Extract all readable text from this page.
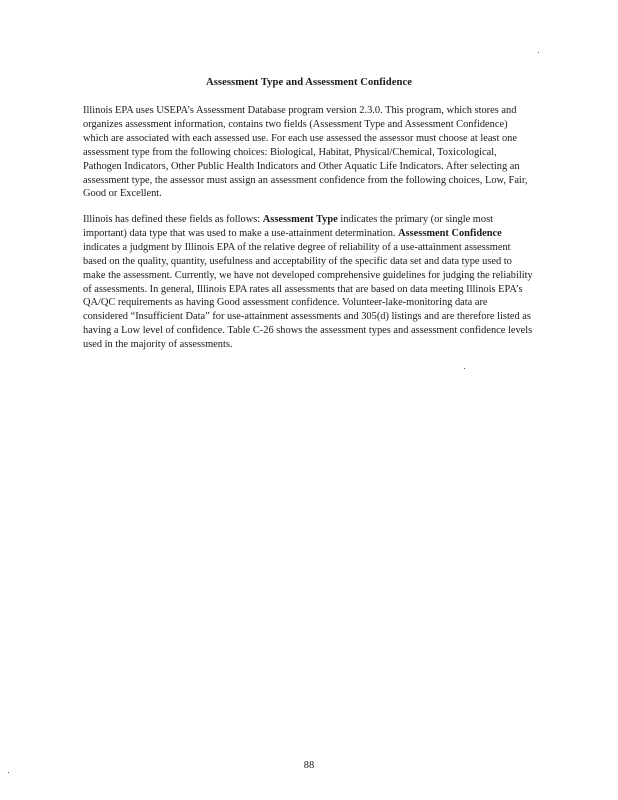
Assessment Type and Assessment Confidence

Illinois EPA uses USEPA’s Assessment Database program version 2.3.0. This program, which stores and organizes assessment information, contains two fields (Assessment Type and Assessment Confidence) which are associated with each assessed use. For each use assessed the assessor must choose at least one assessment type from the following choices: Biological, Habitat, Physical/Chemical, Toxicological, Pathogen Indicators, Other Public Health Indicators and Other Aquatic Life Indicators. After selecting an assessment type, the assessor must assign an assessment confidence from the following choices, Low, Fair, Good or Excellent.

Illinois has defined these fields as follows: Assessment Type indicates the primary (or single most important) data type that was used to make a use-attainment determination. Assessment Confidence indicates a judgment by Illinois EPA of the relative degree of reliability of a use-attainment assessment based on the quality, quantity, usefulness and acceptability of the specific data set and data type used to make the assessment. Currently, we have not developed comprehensive guidelines for judging the reliability of assessments. In general, Illinois EPA rates all assessments that are based on data meeting Illinois EPA’s QA/QC requirements as having Good assessment confidence. Volunteer-lake-monitoring data are considered “Insufficient Data” for use-attainment assessments and 305(d) listings and are therefore listed as having a Low level of confidence. Table C-26 shows the assessment types and assessment confidence levels used in the majority of assessments.

88
